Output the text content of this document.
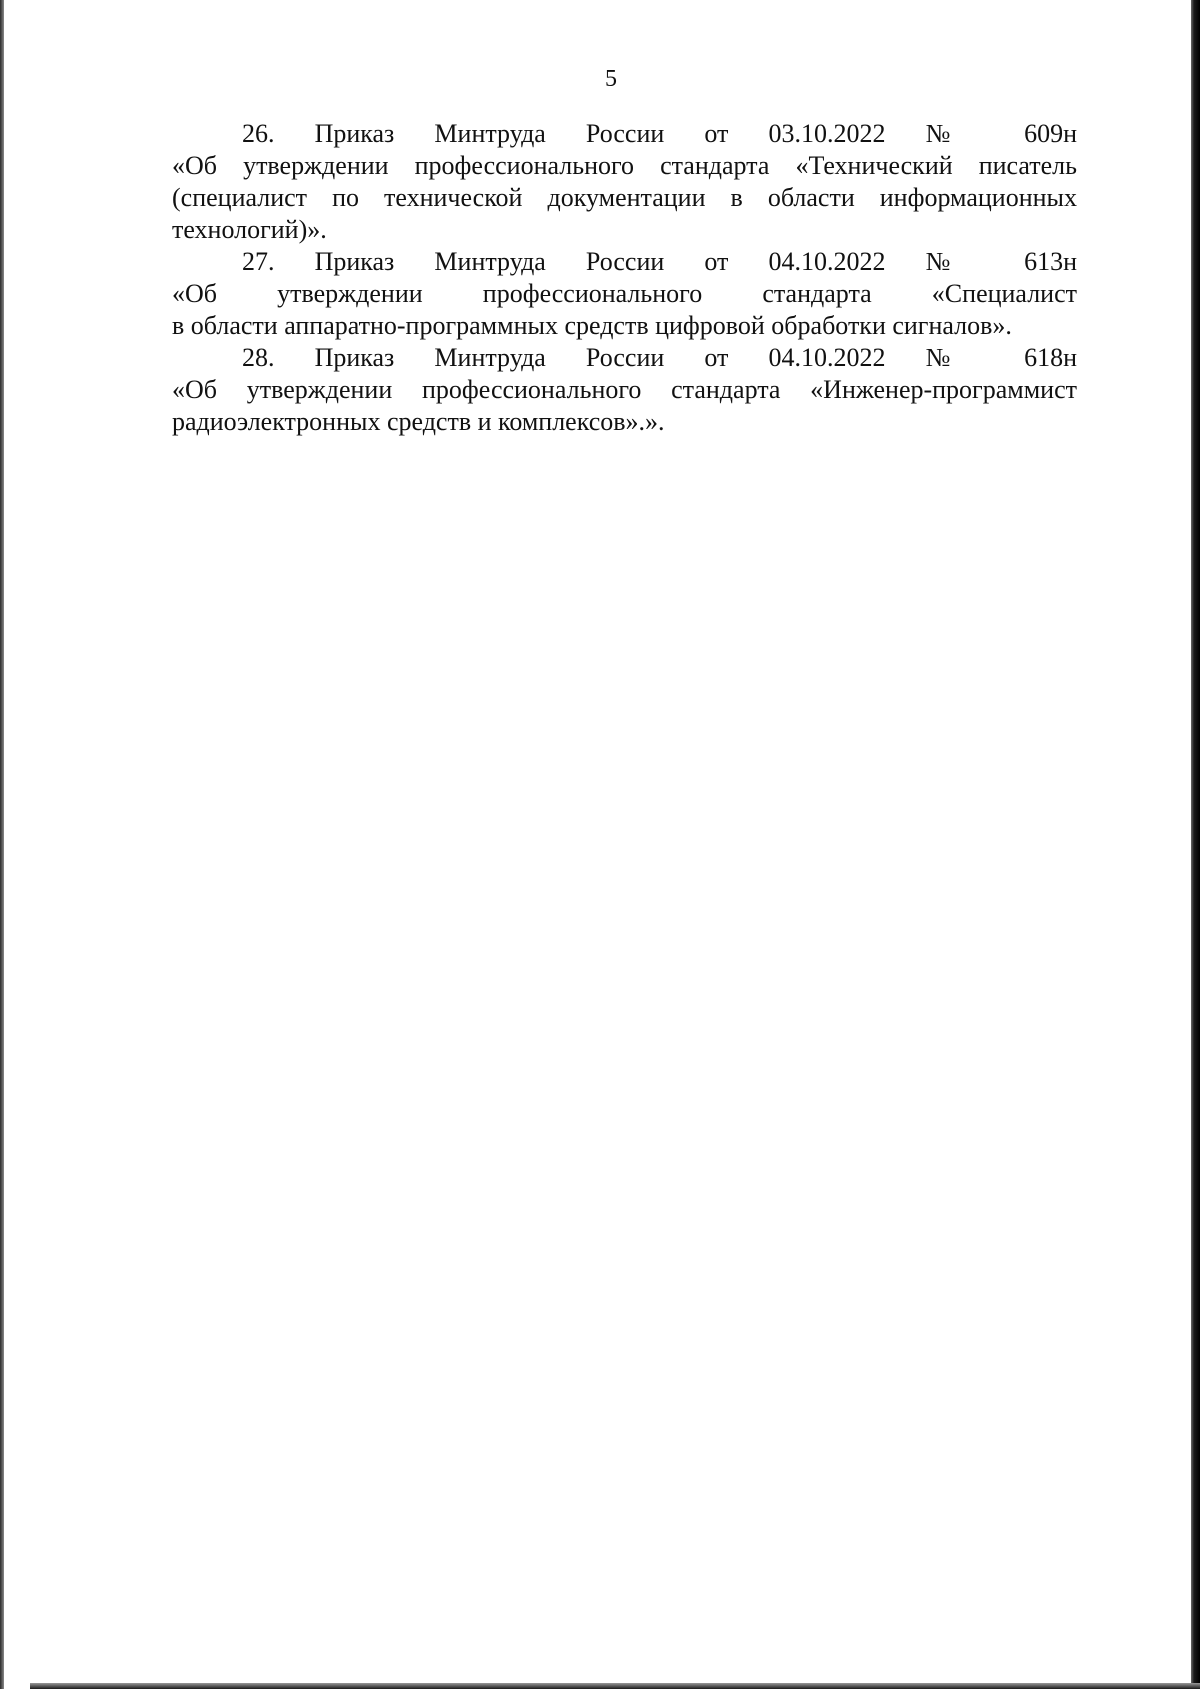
5
26. Приказ Минтруда России от 03.10.2022 № 609н
«Об утверждении профессионального стандарта «Технический писатель
(специалист по технической документации в области информационных
технологий)».
27. Приказ Минтруда России от 04.10.2022 № 613н
«Об утверждении профессионального стандарта «Специалист
в области аппаратно-программных средств цифровой обработки сигналов».
28. Приказ Минтруда России от 04.10.2022 № 618н
«Об утверждении профессионального стандарта «Инженер-программист
радиоэлектронных средств и комплексов».».
